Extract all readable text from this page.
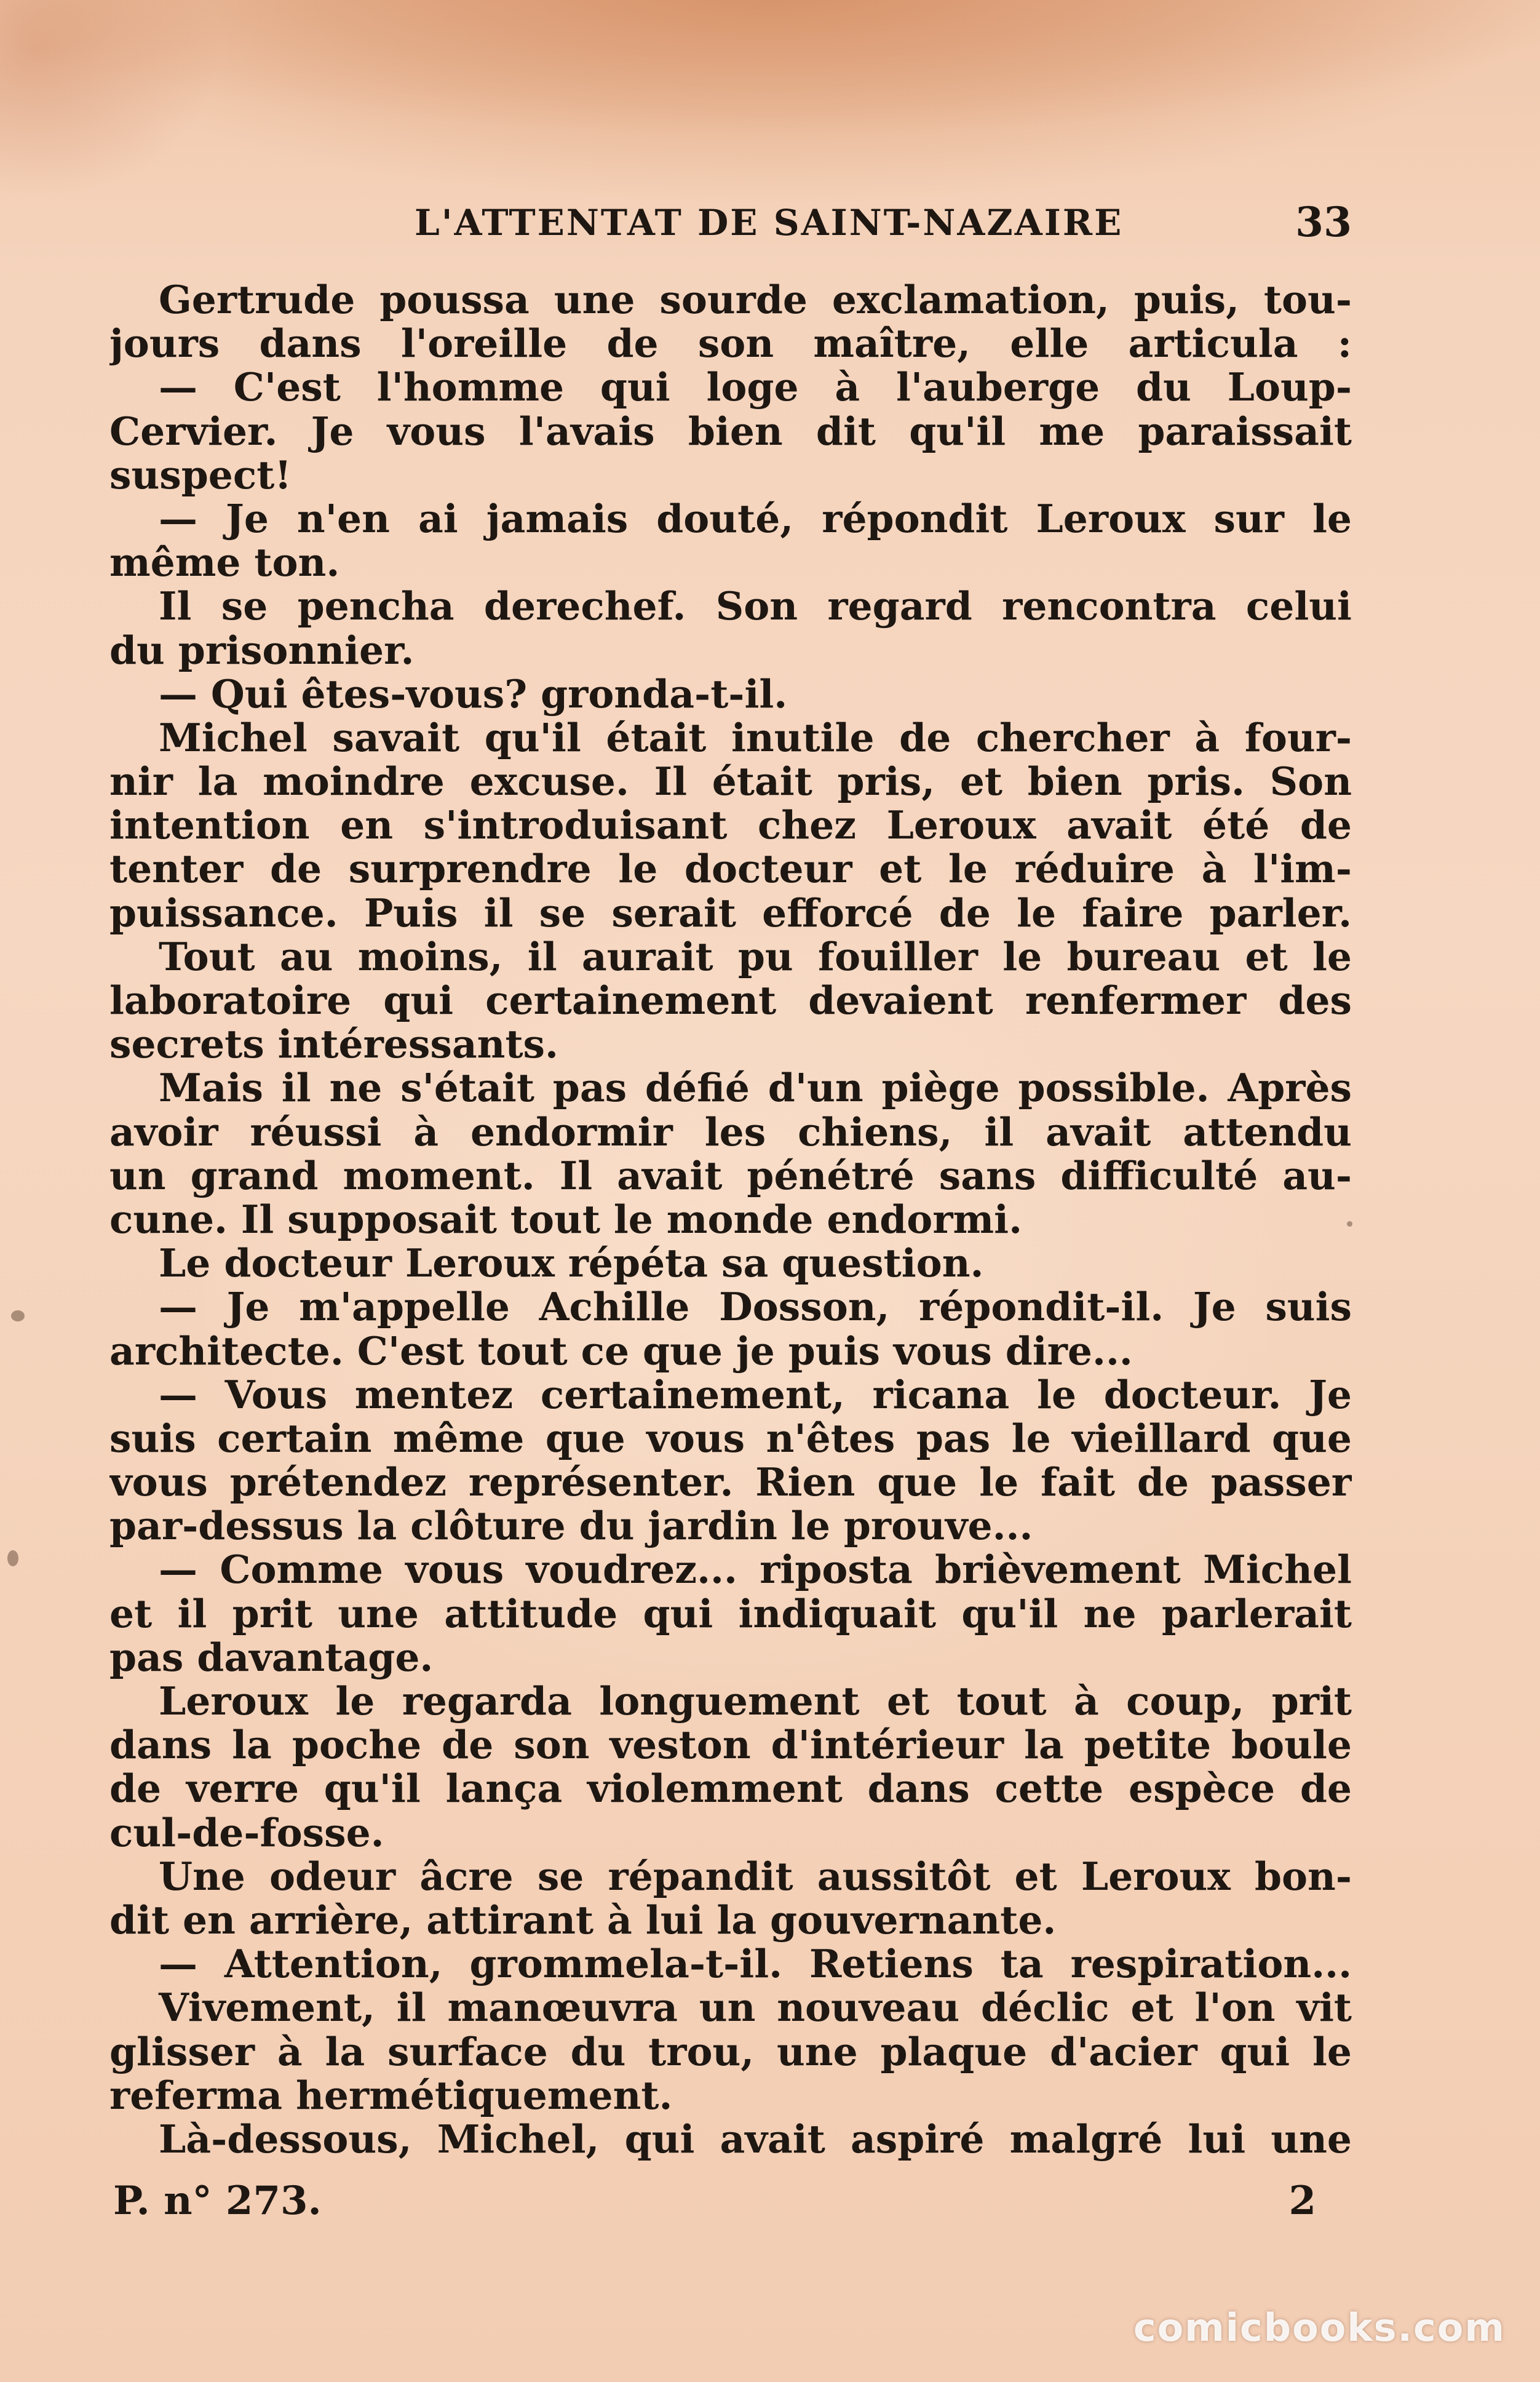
L'ATTENTAT DE SAINT-NAZAIRE	33
Gertrude poussa une sourde exclamation, puis, tou-
jours dans l'oreille de son maître, elle articula :
— C'est l'homme qui loge à l'auberge du Loup-
Cervier. Je vous l'avais bien dit qu'il me paraissait
suspect!
— Je n'en ai jamais douté, répondit Leroux sur le
même ton.
Il se pencha derechef. Son regard rencontra celui
du prisonnier.
— Qui êtes-vous? gronda-t-il.
Michel savait qu'il était inutile de chercher à four-
nir la moindre excuse. Il était pris, et bien pris. Son
intention en s'introduisant chez Leroux avait été de
tenter de surprendre le docteur et le réduire à l'im-
puissance. Puis il se serait efforcé de le faire parler.
Tout au moins, il aurait pu fouiller le bureau et le
laboratoire qui certainement devaient renfermer des
secrets intéressants.
Mais il ne s'était pas défié d'un piège possible. Après
avoir réussi à endormir les chiens, il avait attendu
un grand moment. Il avait pénétré sans difficulté au-
cune. Il supposait tout le monde endormi.
Le docteur Leroux répéta sa question.
— Je m'appelle Achille Dosson, répondit-il. Je suis
architecte. C'est tout ce que je puis vous dire...
— Vous mentez certainement, ricana le docteur. Je
suis certain même que vous n'êtes pas le vieillard que
vous prétendez représenter. Rien que le fait de passer
par-dessus la clôture du jardin le prouve...
— Comme vous voudrez... riposta brièvement Michel
et il prit une attitude qui indiquait qu'il ne parlerait
pas davantage.
Leroux le regarda longuement et tout à coup, prit
dans la poche de son veston d'intérieur la petite boule
de verre qu'il lança violemment dans cette espèce de
cul-de-fosse.
Une odeur âcre se répandit aussitôt et Leroux bon-
dit en arrière, attirant à lui la gouvernante.
— Attention, grommela-t-il. Retiens ta respiration...
Vivement, il manœuvra un nouveau déclic et l'on vit
glisser à la surface du trou, une plaque d'acier qui le
referma hermétiquement.
Là-dessous, Michel, qui avait aspiré malgré lui une
P. n° 273.	2
comicbooks.com
